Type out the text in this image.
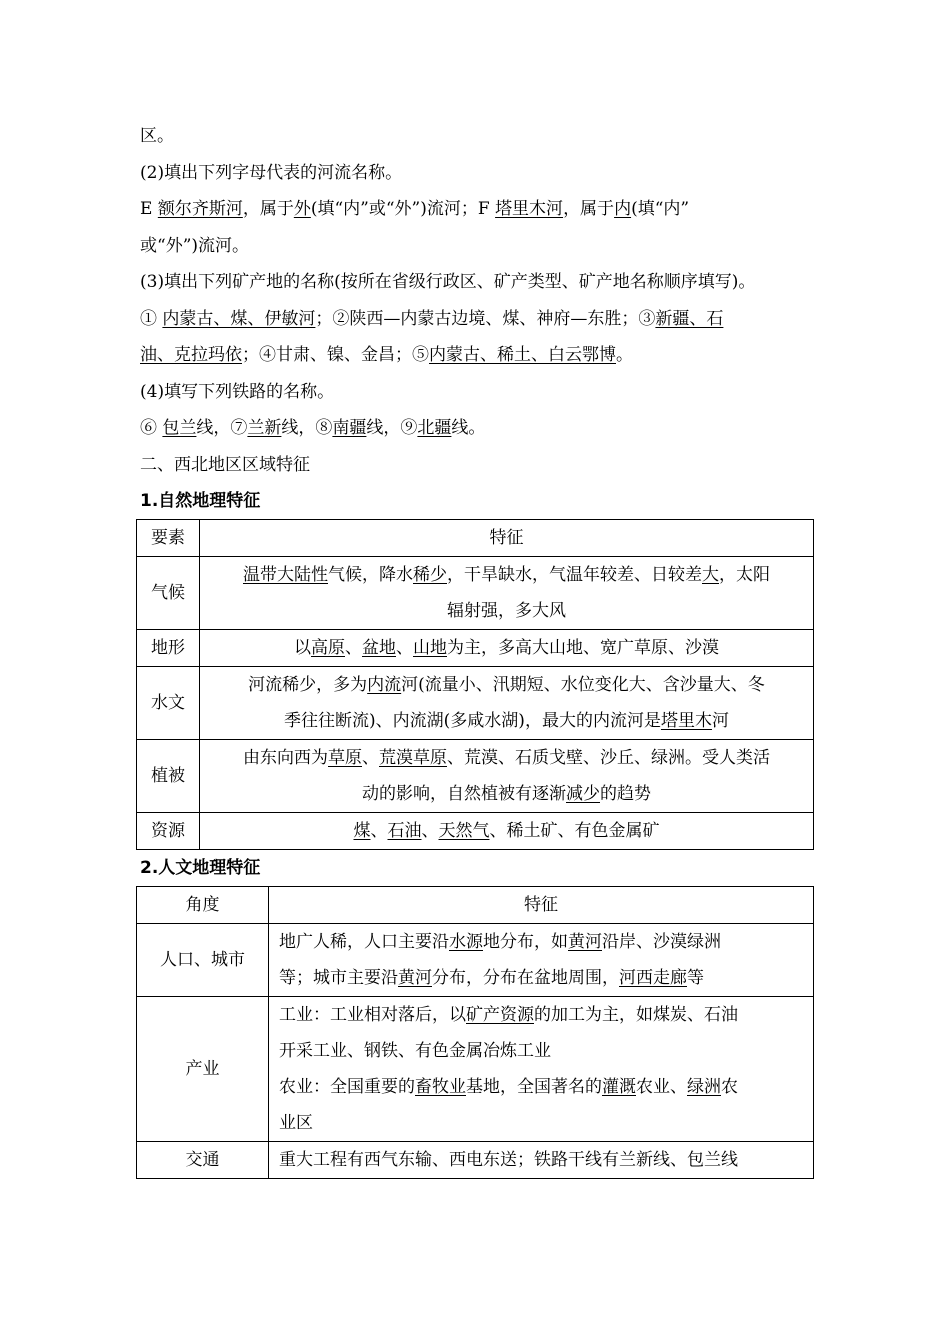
区。
(2)填出下列字母代表的河流名称。
E 额尔齐斯河，属于外(填“内”或“外”)流河；F 塔里木河，属于内(填“内”
或“外”)流河。
(3)填出下列矿产地的名称(按所在省级行政区、矿产类型、矿产地名称顺序填写)。
① 内蒙古、煤、伊敏河；②陕西—内蒙古边境、煤、神府—东胜；③新疆、石
油、克拉玛依；④甘肃、镍、金昌；⑤内蒙古、稀土、白云鄂博。
(4)填写下列铁路的名称。
⑥ 包兰线，⑦兰新线，⑧南疆线，⑨北疆线。
二、西北地区区域特征
1.自然地理特征
要素	特征
气候	温带大陆性气候，降水稀少，干旱缺水，气温年较差、日较差大，太阳
辐射强，多大风
地形	以高原、盆地、山地为主，多高大山地、宽广草原、沙漠
水文	河流稀少，多为内流河(流量小、汛期短、水位变化大、含沙量大、冬
季往往断流)、内流湖(多咸水湖)，最大的内流河是塔里木河
植被	由东向西为草原、荒漠草原、荒漠、石质戈壁、沙丘、绿洲。受人类活
动的影响，自然植被有逐渐减少的趋势
资源	煤、石油、天然气、稀土矿、有色金属矿
2.人文地理特征
角度	特征
人口、城市	地广人稀，人口主要沿水源地分布，如黄河沿岸、沙漠绿洲
等；城市主要沿黄河分布，分布在盆地周围，河西走廊等
产业	工业：工业相对落后，以矿产资源的加工为主，如煤炭、石油
开采工业、钢铁、有色金属冶炼工业
农业：全国重要的畜牧业基地，全国著名的灌溉农业、绿洲农
业区
交通	重大工程有西气东输、西电东送；铁路干线有兰新线、包兰线
